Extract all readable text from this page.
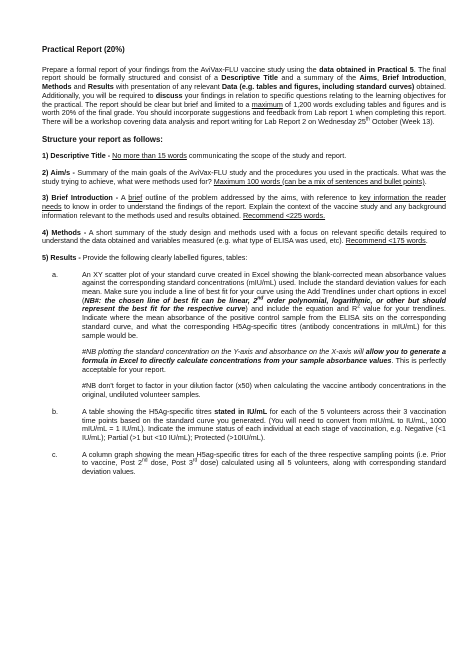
Practical Report (20%)

Prepare a formal report of your findings from the AviVax-FLU vaccine study using the data obtained in Practical 5. The final report should be formally structured and consist of a Descriptive Title and a summary of the Aims, Brief Introduction, Methods and Results with presentation of any relevant Data (e.g. tables and figures, including standard curves) obtained. Additionally, you will be required to discuss your findings in relation to specific questions relating to the learning objectives for the practical. The report should be clear but brief and limited to a maximum of 1,200 words excluding tables and figures and is worth 20% of the final grade. You should incorporate suggestions and feedback from Lab report 1 when completing this report. There will be a workshop covering data analysis and report writing for Lab Report 2 on Wednesday 25th October (Week 13).

Structure your report as follows:

1) Descriptive Title - No more than 15 words communicating the scope of the study and report.

2) Aim/s - Summary of the main goals of the AviVax-FLU study and the procedures you used in the practicals. What was the study trying to achieve, what were methods used for? Maximum 100 words (can be a mix of sentences and bullet points).

3) Brief Introduction - A brief outline of the problem addressed by the aims, with reference to key information the reader needs to know in order to understand the findings of the report. Explain the context of the vaccine study and any background information relevant to the methods used and results obtained. Recommend <225 words.

4) Methods - A short summary of the study design and methods used with a focus on relevant specific details required to understand the data obtained and variables measured (e.g. what type of ELISA was used, etc). Recommend <175 words.

5) Results - Provide the following clearly labelled figures, tables:

a.	An XY scatter plot of your standard curve created in Excel showing the blank-corrected mean absorbance values against the corresponding standard concentrations (mIU/mL) used. Include the standard deviation values for each mean. Make sure you include a line of best fit for your curve using the Add Trendlines under chart options in excel (NB#: the chosen line of best fit can be linear, 2nd order polynomial, logarithmic, or other but should represent the best fit for the respective curve) and include the equation and $R^2$ value for your trendlines. Indicate where the mean absorbance of the positive control sample from the ELISA sits on the corresponding standard curve, and what the corresponding H5Ag-specific titres (antibody concentrations in mIU/mL) for this sample would be.
#NB plotting the standard concentration on the Y-axis and absorbance on the X-axis will allow you to generate a formula in Excel to directly calculate concentrations from your sample absorbance values. This is perfectly acceptable for your report.
#NB don't forget to factor in your dilution factor (x50) when calculating the vaccine antibody concentrations in the original, undiluted volunteer samples.
b.	A table showing the H5Ag-specific titres stated in IU/mL for each of the 5 volunteers across their 3 vaccination time points based on the standard curve you generated. (You will need to convert from mIU/mL to IU/mL, 1000 mIU/mL = 1 IU/mL). Indicate the immune status of each individual at each stage of vaccination, e.g. Negative (<1 IU/mL); Partial (>1 but <10 IU/mL); Protected (>10IU/mL).
c.	A column graph showing the mean H5ag-specific titres for each of the three respective sampling points (i.e. Prior to vaccine, Post 2nd dose, Post 3rd dose) calculated using all 5 volunteers, along with corresponding standard deviation values.
